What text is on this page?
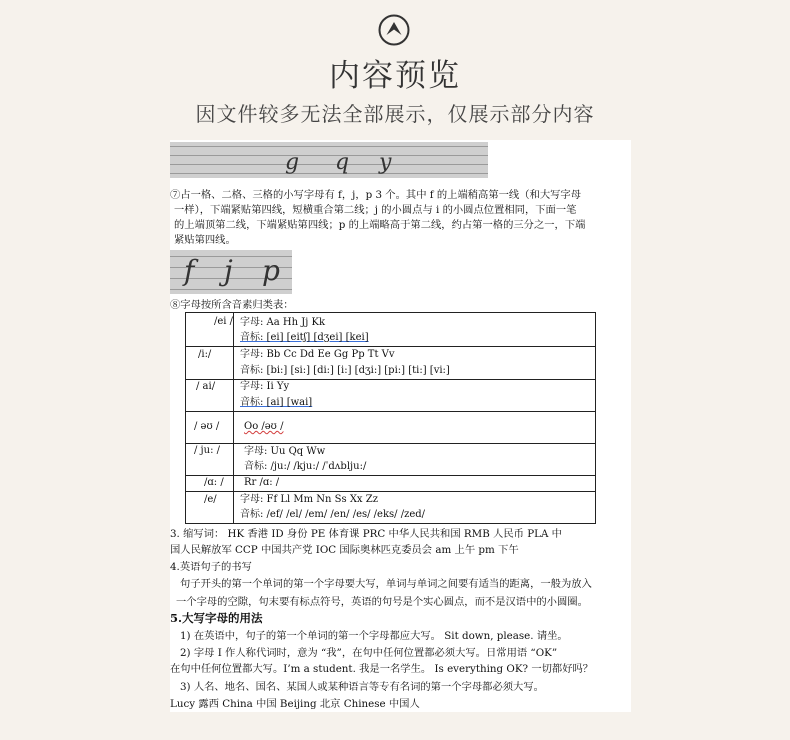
内容预览
因文件较多无法全部展示，仅展示部分内容
g q y
⑦占一格、二格、三格的小写字母有 f，j，p 3 个。其中 f 的上端稍高第一线（和大写字母
一样），下端紧贴第四线，短横重合第二线；j 的小圆点与 i 的小圆点位置相同，下面一笔
的上端顶第二线，下端紧贴第四线；p 的上端略高于第二线，约占第一格的三分之一，下端
紧贴第四线。
f j p
⑧字母按所含音素归类表：
/ei / 字母: Aa Hh Jj Kk
音标: [ei] [eitʃ] [dʒei] [kei]
/i:/	字母: Bb Cc Dd Ee Gg Pp Tt Vv
音标: [bi:] [si:] [di:] [i:] [dʒi:] [pi:] [ti:] [vi:]
/ ai/ 字母: Ii Yy
音标: [ai] [wai]
/ əʊ / Oo /əʊ /
/ ju: / 字母: Uu Qq Ww
音标: /ju:/ /kju:/ /ˈdʌblju:/
/ɑ: / Rr /ɑ: /
/e/ 字母: Ff Ll Mm Nn Ss Xx Zz
音标: /ef/ /el/ /em/ /en/ /es/ /eks/ /zed/
3. 缩写词： HK 香港 ID 身份 PE 体育课 PRC 中华人民共和国 RMB 人民币 PLA 中
国人民解放军 CCP 中国共产党 IOC 国际奥林匹克委员会 am 上午 pm 下午
4.英语句子的书写
句子开头的第一个单词的第一个字母要大写，单词与单词之间要有适当的距离，一般为放入
一个字母的空隙，句末要有标点符号，英语的句号是个实心圆点，而不是汉语中的小圆圈。
5.大写字母的用法
1) 在英语中，句子的第一个单词的第一个字母都应大写。 Sit down, please. 请坐。
2) 字母 I 作人称代词时，意为 “我”，在句中任何位置都必须大写。日常用语 “OK”
在句中任何位置都大写。I’m a student. 我是一名学生。 Is everything OK? 一切都好吗？
3) 人名、地名、国名、某国人或某种语言等专有名词的第一个字母都必须大写。
Lucy 露西 China 中国 Beijing 北京 Chinese 中国人
